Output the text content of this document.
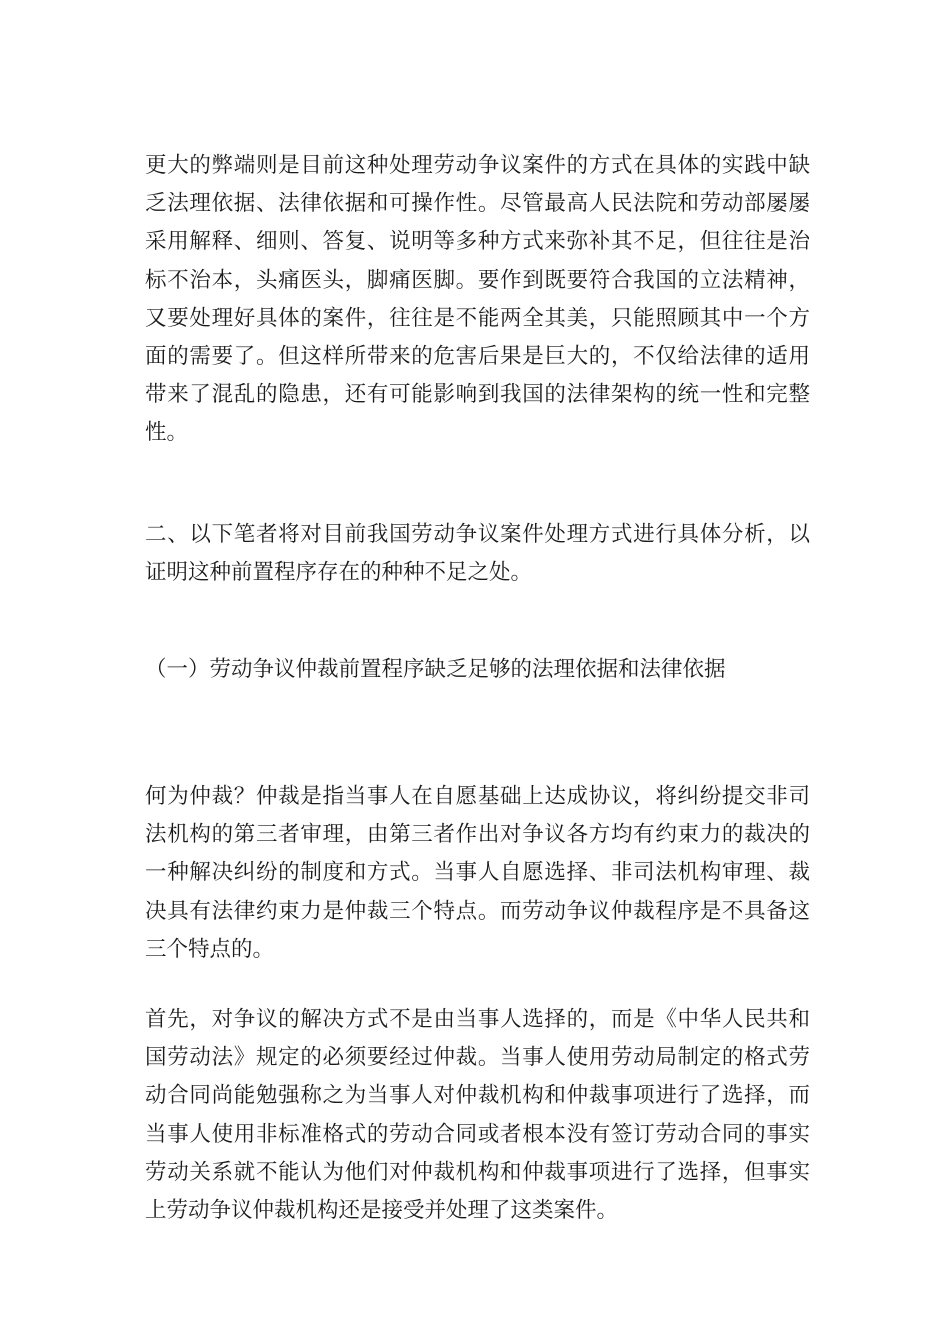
更大的弊端则是目前这种处理劳动争议案件的方式在具体的实践中缺乏法理依据、法律依据和可操作性。尽管最高人民法院和劳动部屡屡采用解释、细则、答复、说明等多种方式来弥补其不足，但往往是治标不治本，头痛医头，脚痛医脚。要作到既要符合我国的立法精神，又要处理好具体的案件，往往是不能两全其美，只能照顾其中一个方面的需要了。但这样所带来的危害后果是巨大的，不仅给法律的适用带来了混乱的隐患，还有可能影响到我国的法律架构的统一性和完整性。

二、以下笔者将对目前我国劳动争议案件处理方式进行具体分析，以证明这种前置程序存在的种种不足之处。

（一）劳动争议仲裁前置程序缺乏足够的法理依据和法律依据

何为仲裁？仲裁是指当事人在自愿基础上达成协议，将纠纷提交非司法机构的第三者审理，由第三者作出对争议各方均有约束力的裁决的一种解决纠纷的制度和方式。当事人自愿选择、非司法机构审理、裁决具有法律约束力是仲裁三个特点。而劳动争议仲裁程序是不具备这三个特点的。

首先，对争议的解决方式不是由当事人选择的，而是《中华人民共和国劳动法》规定的必须要经过仲裁。当事人使用劳动局制定的格式劳动合同尚能勉强称之为当事人对仲裁机构和仲裁事项进行了选择，而当事人使用非标准格式的劳动合同或者根本没有签订劳动合同的事实劳动关系就不能认为他们对仲裁机构和仲裁事项进行了选择，但事实上劳动争议仲裁机构还是接受并处理了这类案件。
